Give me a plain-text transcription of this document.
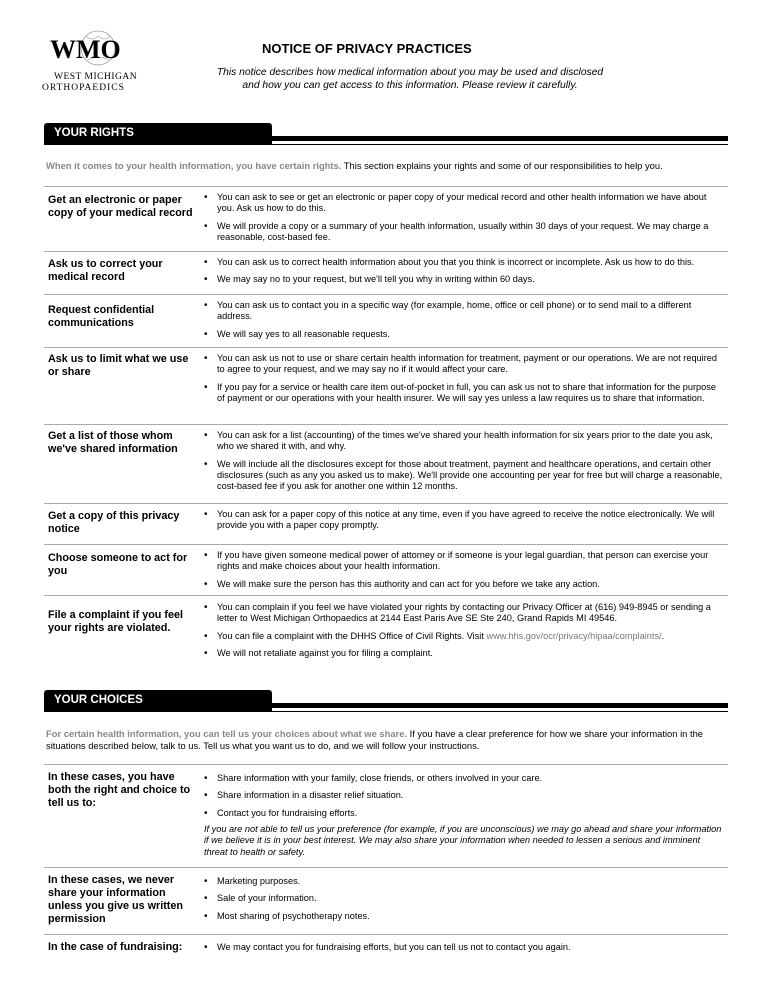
WMO
WEST MICHIGAN
ORTHOPAEDICS
NOTICE OF PRIVACY PRACTICES
This notice describes how medical information about you may be used and disclosed
and how you can get access to this information. Please review it carefully.
YOUR RIGHTS
When it comes to your health information, you have certain rights. This section explains your rights and some of our responsibilities to help you.
Get an electronic or paper copy of your medical record
• You can ask to see or get an electronic or paper copy of your medical record and other health information we have about you. Ask us how to do this.
• We will provide a copy or a summary of your health information, usually within 30 days of your request. We may charge a reasonable, cost-based fee.
Ask us to correct your medical record
• You can ask us to correct health information about you that you think is incorrect or incomplete. Ask us how to do this.
• We may say no to your request, but we'll tell you why in writing within 60 days.
Request confidential communications
• You can ask us to contact you in a specific way (for example, home, office or cell phone) or to send mail to a different address.
• We will say yes to all reasonable requests.
Ask us to limit what we use or share
• You can ask us not to use or share certain health information for treatment, payment or our operations. We are not required to agree to your request, and we may say no if it would affect your care.
• If you pay for a service or health care item out-of-pocket in full, you can ask us not to share that information for the purpose of payment or our operations with your health insurer. We will say yes unless a law requires us to share that information.
Get a list of those whom we've shared information
• You can ask for a list (accounting) of the times we've shared your health information for six years prior to the date you ask, who we shared it with, and why.
• We will include all the disclosures except for those about treatment, payment and healthcare operations, and certain other disclosures (such as any you asked us to make). We'll provide one accounting per year for free but will charge a reasonable, cost-based fee if you ask for another one within 12 months.
Get a copy of this privacy notice
• You can ask for a paper copy of this notice at any time, even if you have agreed to receive the notice electronically. We will provide you with a paper copy promptly.
Choose someone to act for you
• If you have given someone medical power of attorney or if someone is your legal guardian, that person can exercise your rights and make choices about your health information.
• We will make sure the person has this authority and can act for you before we take any action.
File a complaint if you feel your rights are violated.
• You can complain if you feel we have violated your rights by contacting our Privacy Officer at (616) 949-8945 or sending a letter to West Michigan Orthopaedics at 2144 East Paris Ave SE Ste 240, Grand Rapids MI 49546.
• You can file a complaint with the DHHS Office of Civil Rights. Visit www.hhs.gov/ocr/privacy/hipaa/complaints/.
• We will not retaliate against you for filing a complaint.
YOUR CHOICES
For certain health information, you can tell us your choices about what we share. If you have a clear preference for how we share your information in the situations described below, talk to us. Tell us what you want us to do, and we will follow your instructions.
In these cases, you have both the right and choice to tell us to:
• Share information with your family, close friends, or others involved in your care.
• Share information in a disaster relief situation.
• Contact you for fundraising efforts.
If you are not able to tell us your preference (for example, if you are unconscious) we may go ahead and share your information if we believe it is in your best interest. We may also share your information when needed to lessen a serious and imminent threat to health or safety.
In these cases, we never share your information unless you give us written permission
• Marketing purposes.
• Sale of your information.
• Most sharing of psychotherapy notes.
In the case of fundraising:
•	We may contact you for fundraising efforts, but you can tell us not to contact you again.
